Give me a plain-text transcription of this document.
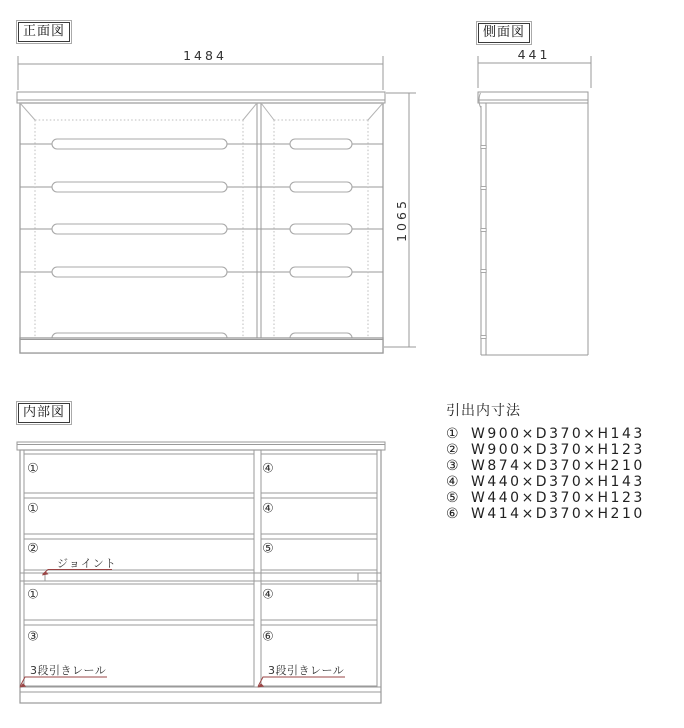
正面図	側面図
内部図
1484
1065
441
①
①
②
①
③
④
④
⑤
④
⑥
ジョイント
3段引きレール	3段引きレール
引出内寸法
① W900×D370×H143
② W900×D370×H123
③ W874×D370×H210
④ W440×D370×H143
⑤ W440×D370×H123
⑥ W414×D370×H210
